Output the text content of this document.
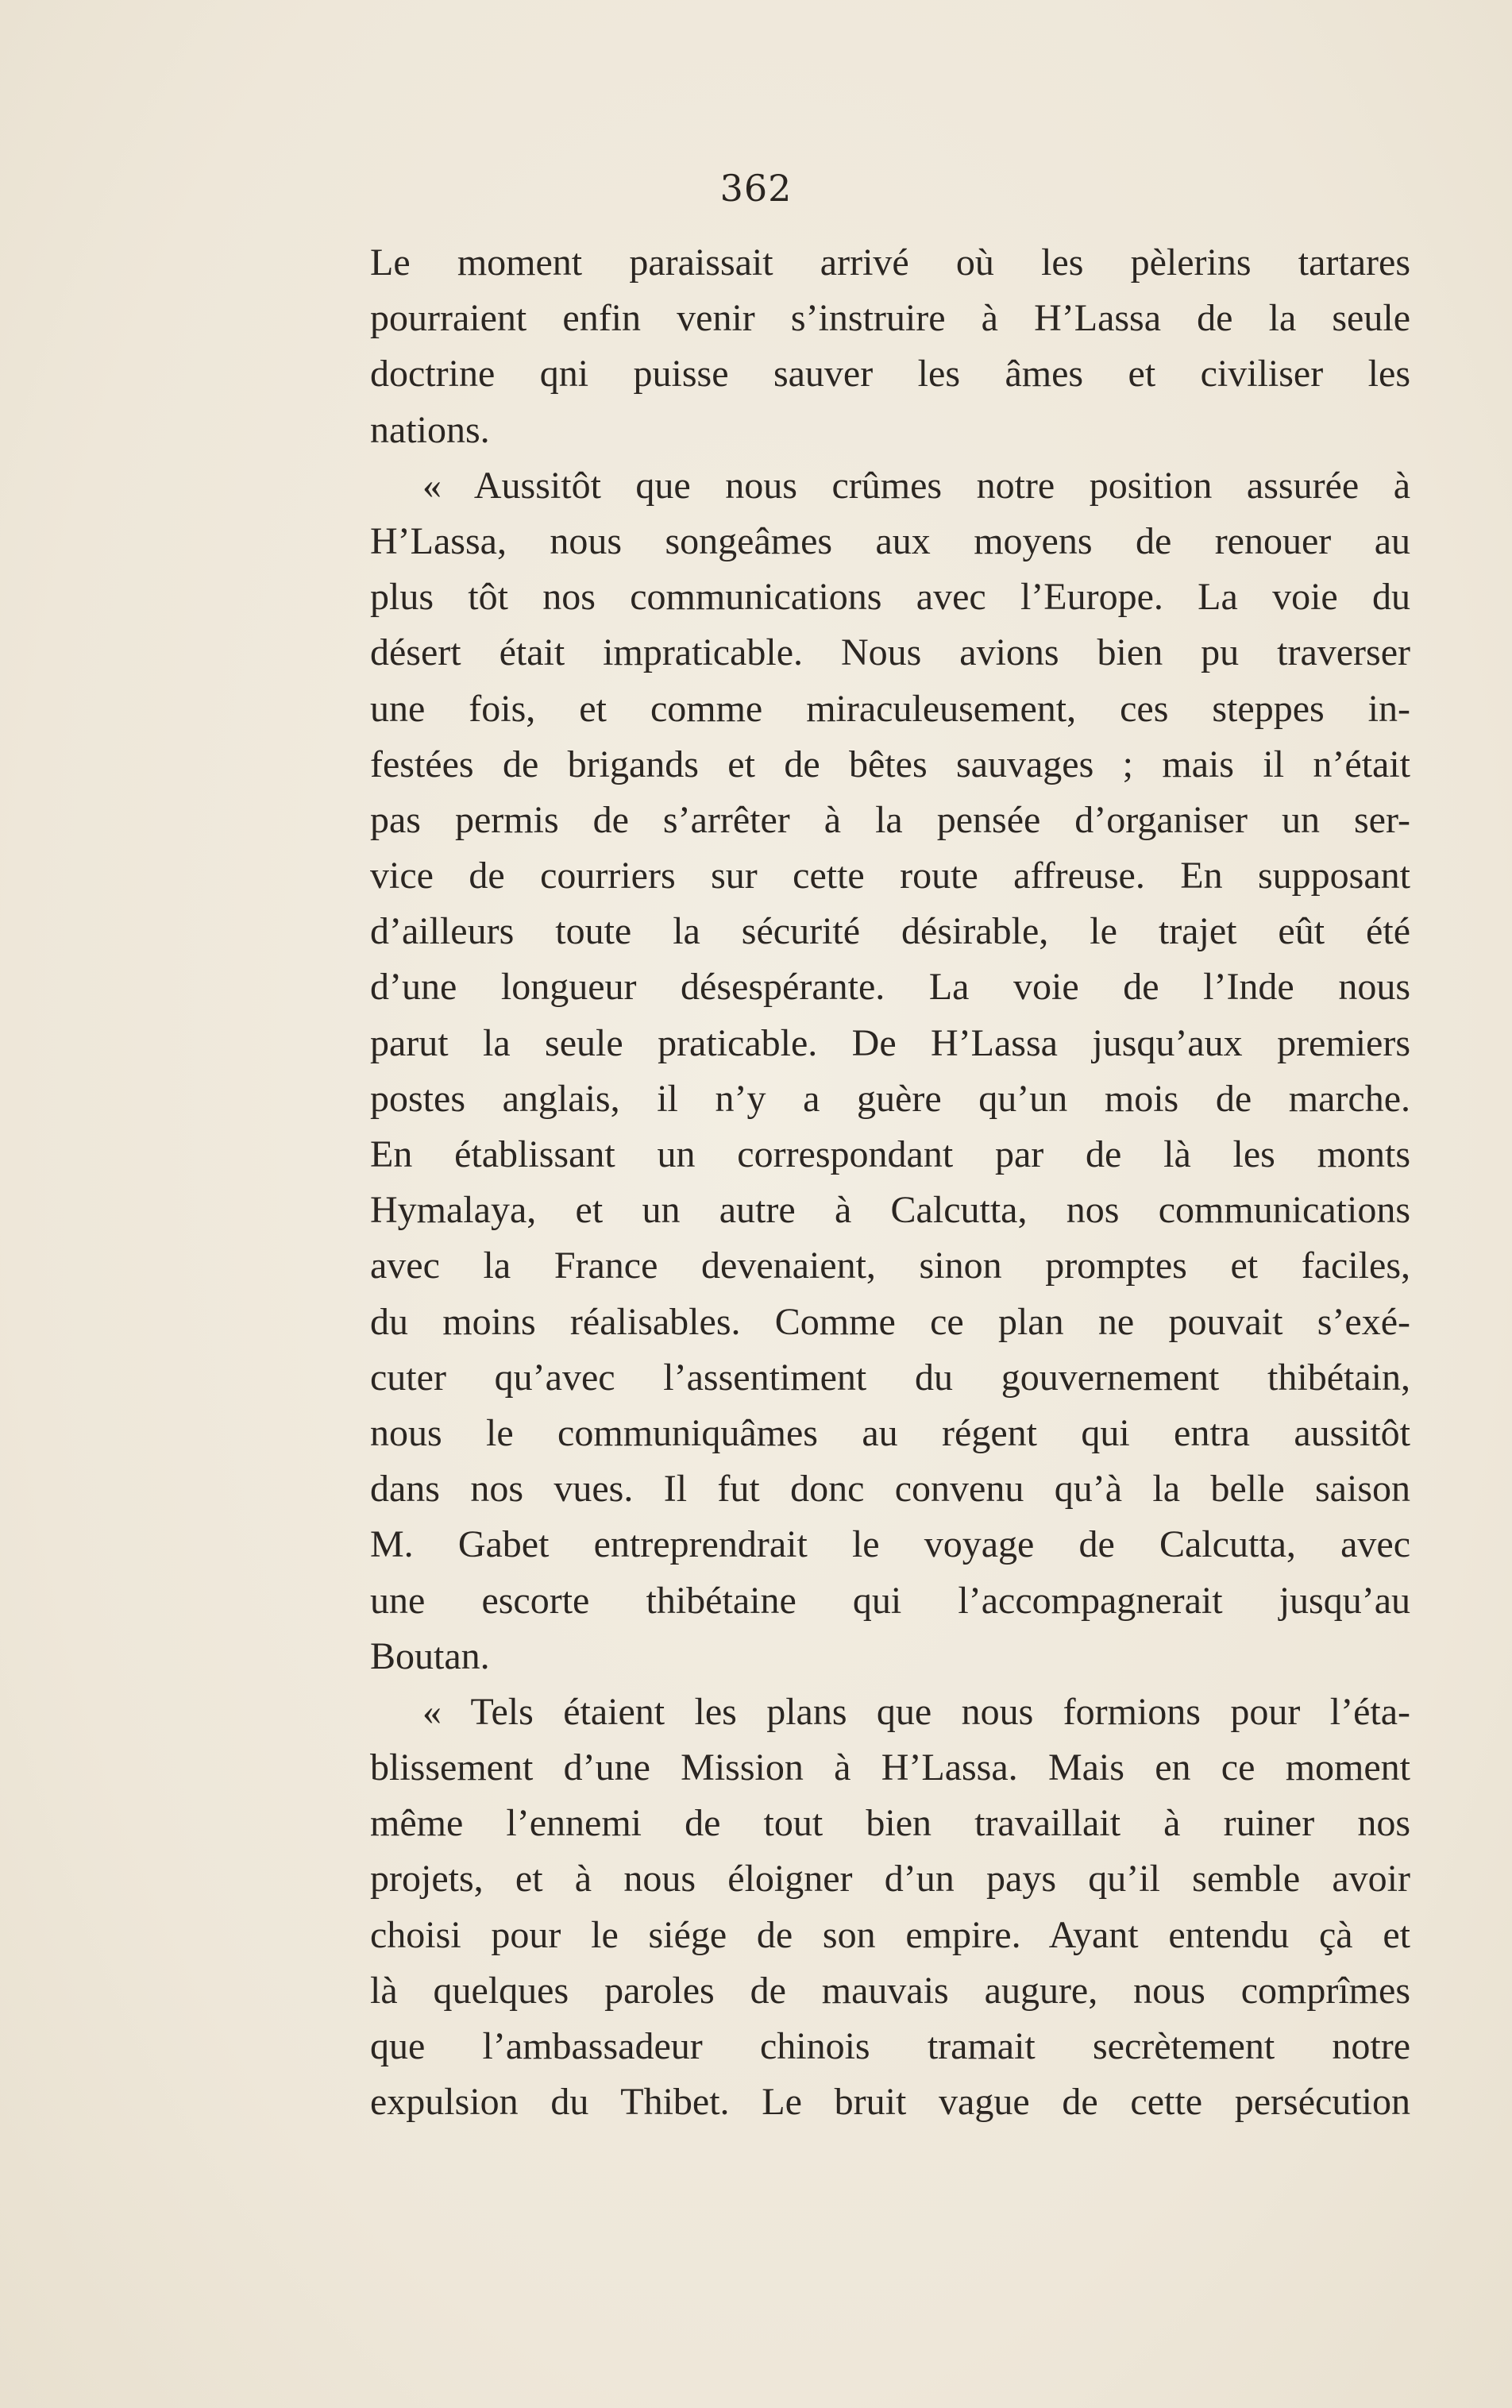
362
Le moment paraissait arrivé où les pèlerins tartares
pourraient enfin venir s’instruire à H’Lassa de la seule
doctrine qni puisse sauver les âmes et civiliser les
nations.
« Aussitôt que nous crûmes notre position assurée à
H’Lassa, nous songeâmes aux moyens de renouer au
plus tôt nos communications avec l’Europe. La voie du
désert était impraticable. Nous avions bien pu traverser
une fois, et comme miraculeusement, ces steppes in-
festées de brigands et de bêtes sauvages ; mais il n’était
pas permis de s’arrêter à la pensée d’organiser un ser-
vice de courriers sur cette route affreuse. En supposant
d’ailleurs toute la sécurité désirable, le trajet eût été
d’une longueur désespérante. La voie de l’Inde nous
parut la seule praticable. De H’Lassa jusqu’aux premiers
postes anglais, il n’y a guère qu’un mois de marche.
En établissant un correspondant par de là les monts
Hymalaya, et un autre à Calcutta, nos communications
avec la France devenaient, sinon promptes et faciles,
du moins réalisables. Comme ce plan ne pouvait s’exé-
cuter qu’avec l’assentiment du gouvernement thibétain,
nous le communiquâmes au régent qui entra aussitôt
dans nos vues. Il fut donc convenu qu’à la belle saison
M. Gabet entreprendrait le voyage de Calcutta, avec
une escorte thibétaine qui l’accompagnerait jusqu’au
Boutan.
« Tels étaient les plans que nous formions pour l’éta-
blissement d’une Mission à H’Lassa. Mais en ce moment
même l’ennemi de tout bien travaillait à ruiner nos
projets, et à nous éloigner d’un pays qu’il semble avoir
choisi pour le siége de son empire. Ayant entendu çà et
là quelques paroles de mauvais augure, nous comprîmes
que l’ambassadeur chinois tramait secrètement notre
expulsion du Thibet. Le bruit vague de cette persécution
